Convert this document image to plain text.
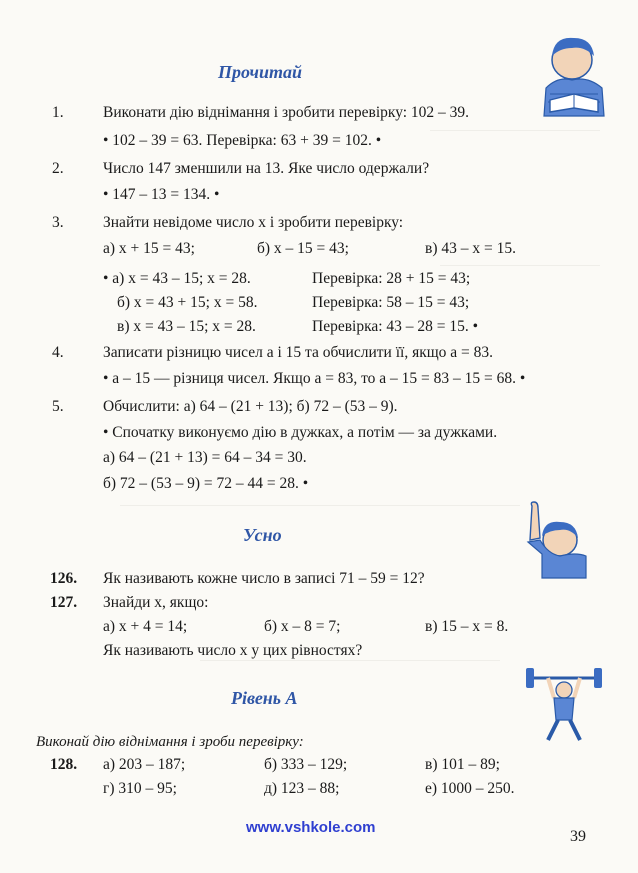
Прочитай
1.	Виконати дію віднімання і зробити перевірку: 102 – 39.
• 102 – 39 = 63. Перевірка: 63 + 39 = 102. •
2.	Число 147 зменшили на 13. Яке число одержали?
• 147 – 13 = 134. •
3.	Знайти невідоме число x і зробити перевірку:
а) x + 15 = 43;	б) x – 15 = 43;	в) 43 – x = 15.
• а) x = 43 – 15; x = 28.	Перевірка: 28 + 15 = 43;
б) x = 43 + 15; x = 58.	Перевірка: 58 – 15 = 43;
в) x = 43 – 15; x = 28.	Перевірка: 43 – 28 = 15. •
4.	Записати різницю чисел a і 15 та обчислити її, якщо a = 83.
• a – 15 — різниця чисел. Якщо a = 83, то a – 15 = 83 – 15 = 68. •
5.	Обчислити: а) 64 – (21 + 13); б) 72 – (53 – 9).
• Спочатку виконуємо дію в дужках, а потім — за дужками.
а) 64 – (21 + 13) = 64 – 34 = 30.
б) 72 – (53 – 9) = 72 – 44 = 28. •
Усно
126. Як називають кожне число в записі 71 – 59 = 12?
127. Знайди x, якщо:
а) x + 4 = 14;	б) x – 8 = 7;	в) 15 – x = 8.
Як називають число x у цих рівностях?
Рівень А
Виконай дію віднімання і зроби перевірку:
128. а) 203 – 187;	б) 333 – 129;	в) 101 – 89;
г) 310 – 95;	д) 123 – 88;	е) 1000 – 250.
www.vshkole.com
39
